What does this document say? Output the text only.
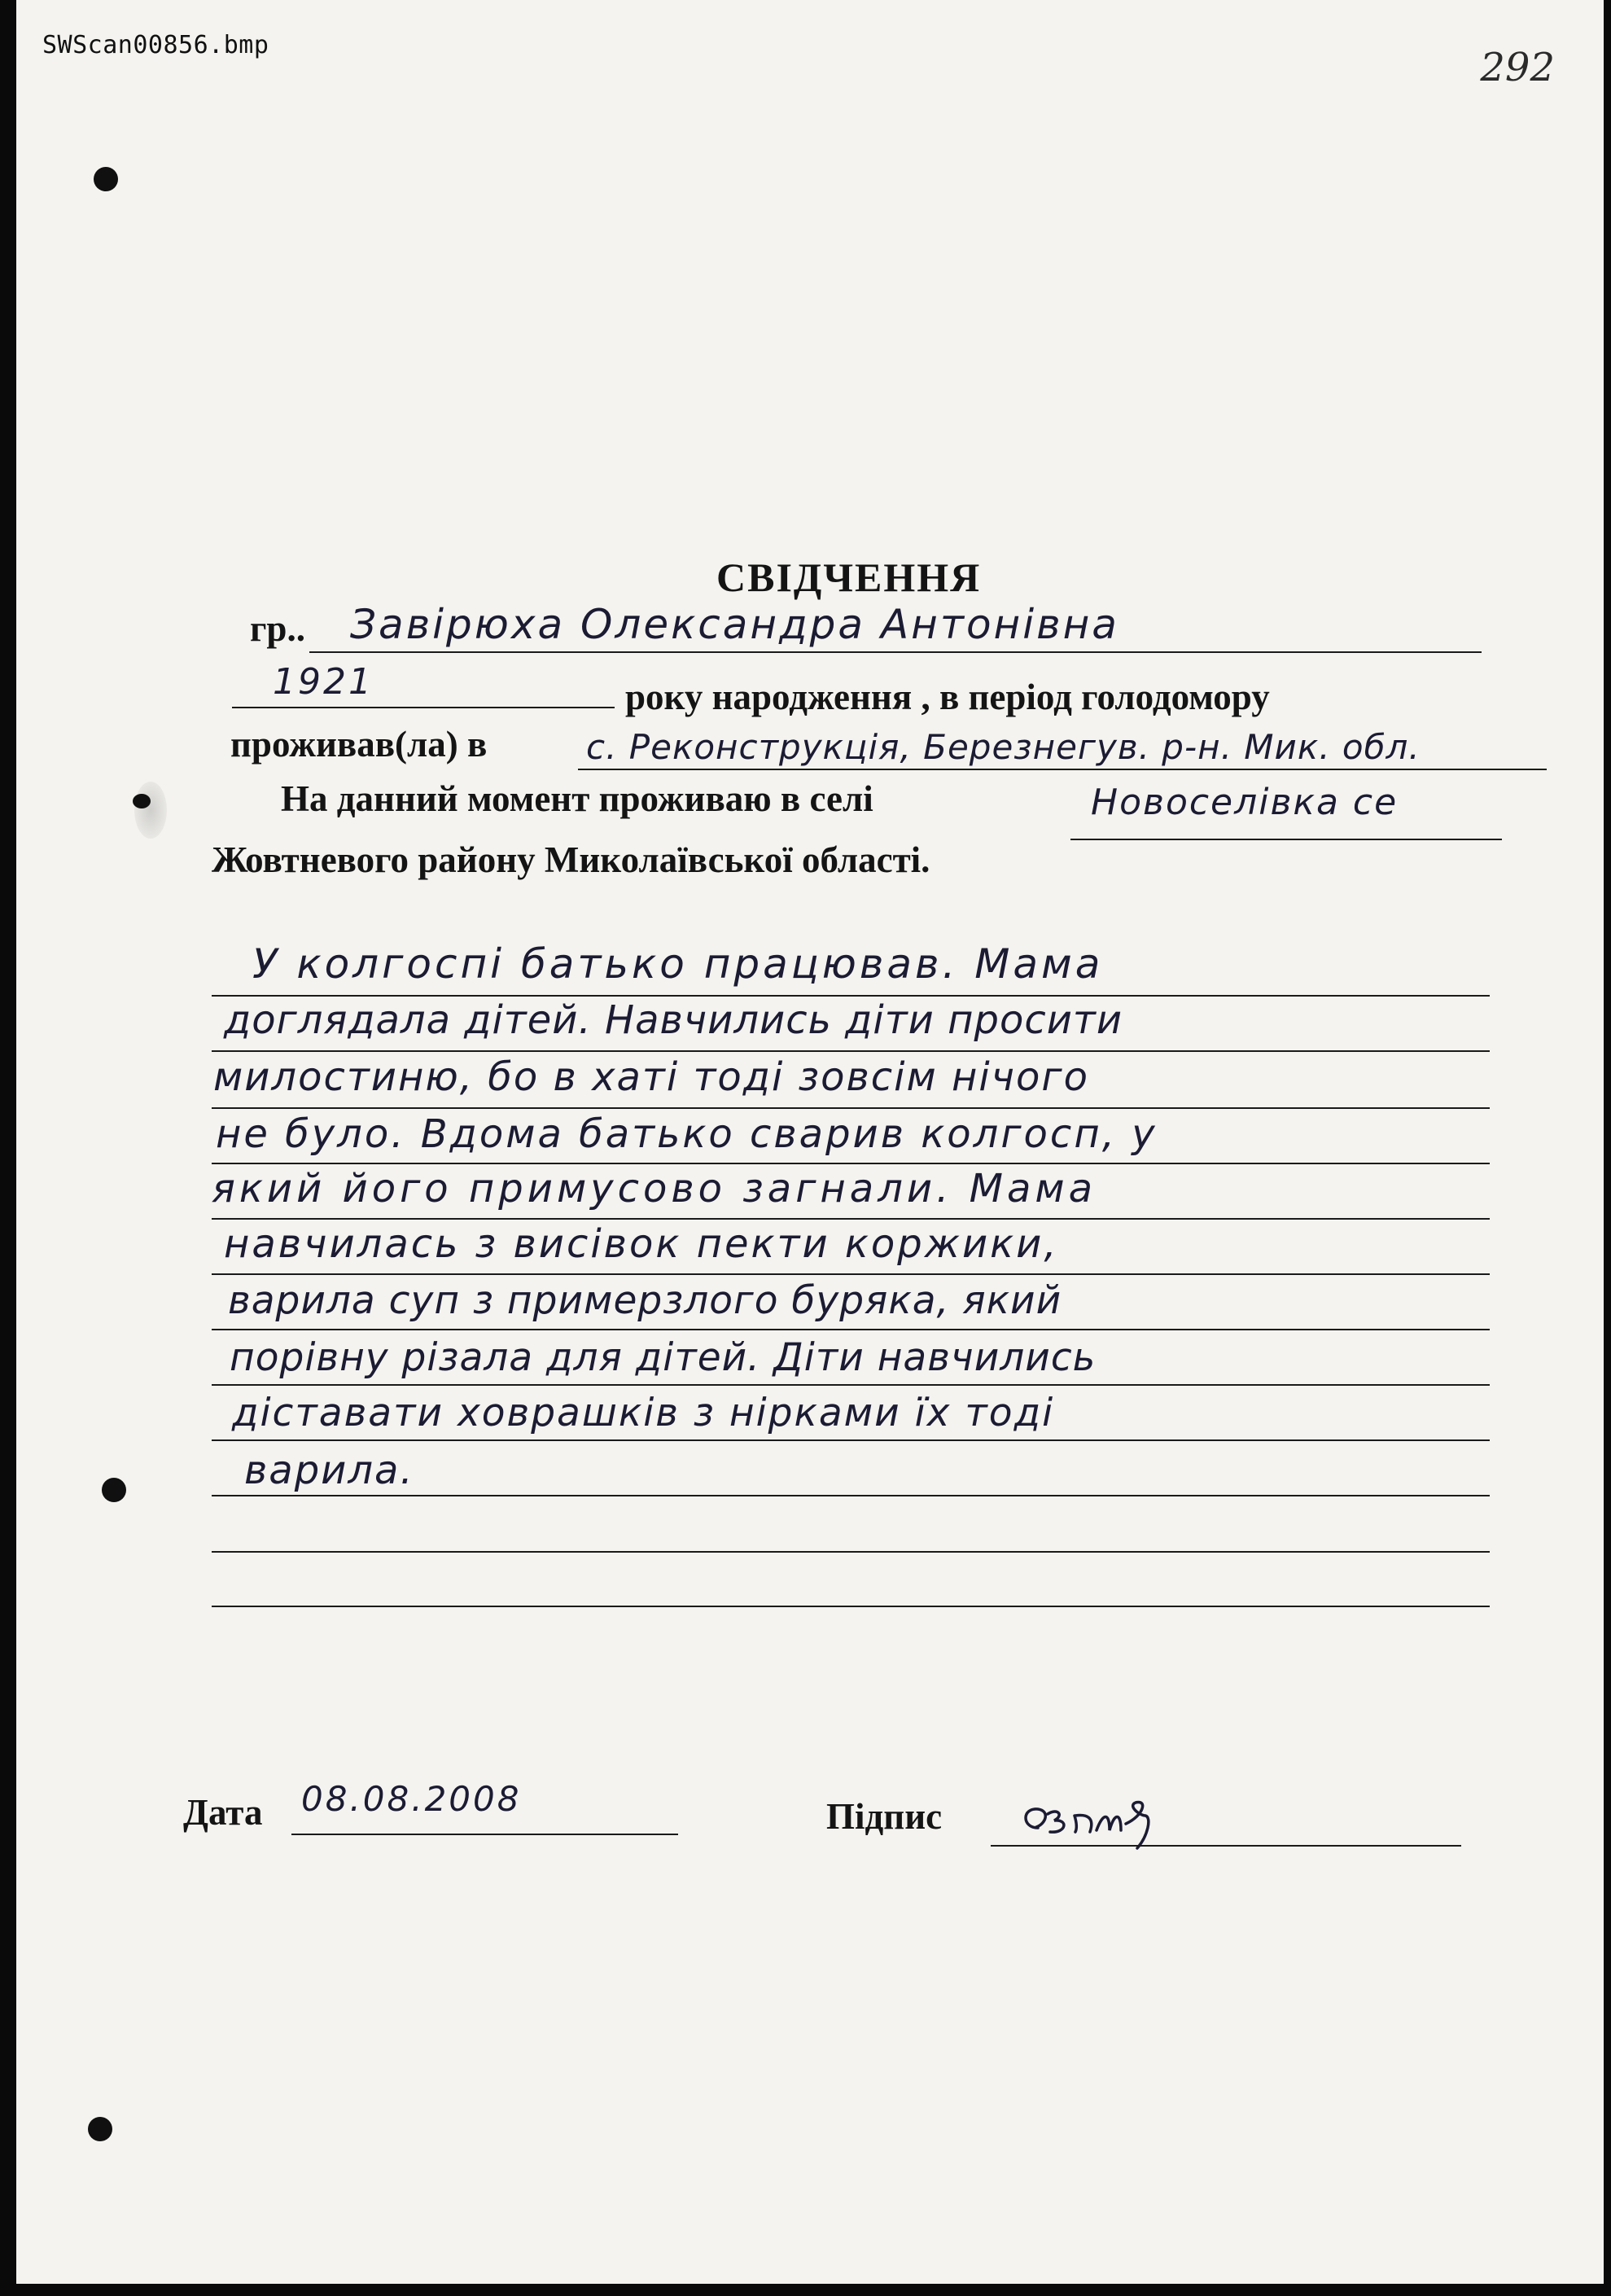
SWScan00856.bmp	292
СВІДЧЕННЯ
гр.. Завірюха Олександра Антонівна
1921	року народження , в період голодомору
проживав(ла) в	с. Реконструкція, Березнегув. р-н. Мик. обл.
На данний момент проживаю в селі	Новоселівка се
Жовтневого району Миколаївської області.
У колгоспі батько працював. Мама
доглядала дітей. Навчились діти просити
милостиню, бо в хаті тоді зовсім нічого
не було. Вдома батько сварив колгосп, у
який його примусово загнали. Мама
навчилась з висівок пекти коржики,
варила суп з примерзлого буряка, який
порівну різала для дітей. Діти навчились
діставати ховрашків з нірками їх тоді
варила.
Дата 08.08.2008	Підпис
